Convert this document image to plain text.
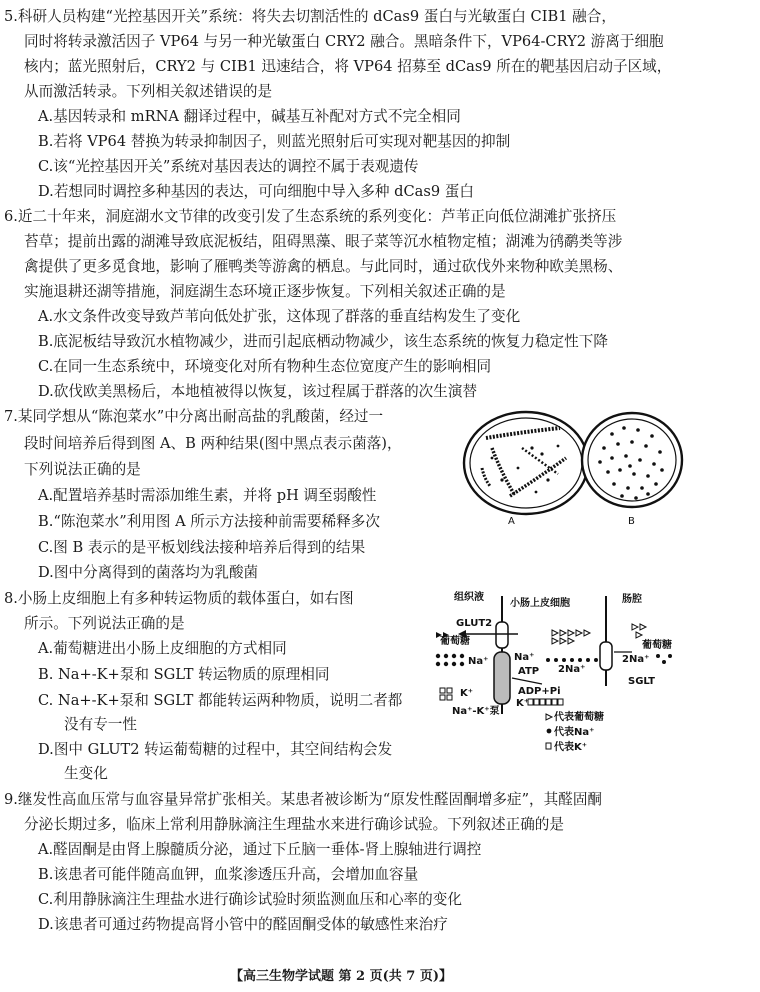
5.科研人员构建“光控基因开关”系统：将失去切割活性的 dCas9 蛋白与光敏蛋白 CIB1 融合，
同时将转录激活因子 VP64 与另一种光敏蛋白 CRY2 融合。黑暗条件下，VP64-CRY2 游离于细胞
核内；蓝光照射后，CRY2 与 CIB1 迅速结合，将 VP64 招募至 dCas9 所在的靶基因启动子区域，
从而激活转录。下列相关叙述错误的是
A.基因转录和 mRNA 翻译过程中，碱基互补配对方式不完全相同
B.若将 VP64 替换为转录抑制因子，则蓝光照射后可实现对靶基因的抑制
C.该“光控基因开关”系统对基因表达的调控不属于表观遗传
D.若想同时调控多种基因的表达，可向细胞中导入多种 dCas9 蛋白
6.近二十年来，洞庭湖水文节律的改变引发了生态系统的系列变化：芦苇正向低位湖滩扩张挤压
苔草；提前出露的湖滩导致底泥板结，阻碍黑藻、眼子菜等沉水植物定植；湖滩为鸻鹬类等涉
禽提供了更多觅食地，影响了雁鸭类等游禽的栖息。与此同时，通过砍伐外来物种欧美黑杨、
实施退耕还湖等措施，洞庭湖生态环境正逐步恢复。下列相关叙述正确的是
A.水文条件改变导致芦苇向低处扩张，这体现了群落的垂直结构发生了变化
B.底泥板结导致沉水植物减少，进而引起底栖动物减少，该生态系统的恢复力稳定性下降
C.在同一生态系统中，环境变化对所有物种生态位宽度产生的影响相同
D.砍伐欧美黑杨后，本地植被得以恢复，该过程属于群落的次生演替
7.某同学想从“陈泡菜水”中分离出耐高盐的乳酸菌，经过一
段时间培养后得到图 A、B 两种结果(图中黑点表示菌落)，
下列说法正确的是
A.配置培养基时需添加维生素，并将 pH 调至弱酸性
B.“陈泡菜水”利用图 A 所示方法接种前需要稀释多次
C.图 B 表示的是平板划线法接种培养后得到的结果
D.图中分离得到的菌落均为乳酸菌
A	B
8.小肠上皮细胞上有多种转运物质的载体蛋白，如右图
所示。下列说法正确的是
A.葡萄糖进出小肠上皮细胞的方式相同
B. Na+-K+泵和 SGLT 转运物质的原理相同
C. Na+-K+泵和 SGLT 都能转运两种物质，说明二者都
没有专一性
D.图中 GLUT2 转运葡萄糖的过程中，其空间结构会发
生变化
组织液
小肠上皮细胞	肠腔
GLUT2
葡萄糖	葡萄糖
Na⁺	Na⁺
ATP
ADP+Pi
K⁺
K⁺
Na⁺-K⁺泵
2Na⁺
2Na⁺
SGLT
代表葡萄糖
代表Na⁺
代表K⁺
9.继发性高血压常与血容量异常扩张相关。某患者被诊断为“原发性醛固酮增多症”，其醛固酮
分泌长期过多，临床上常利用静脉滴注生理盐水来进行确诊试验。下列叙述正确的是
A.醛固酮是由肾上腺髓质分泌，通过下丘脑一垂体-肾上腺轴进行调控
B.该患者可能伴随高血钾，血浆渗透压升高，会增加血容量
C.利用静脉滴注生理盐水进行确诊试验时须监测血压和心率的变化
D.该患者可通过药物提高肾小管中的醛固酮受体的敏感性来治疗
【高三生物学试题 第 2 页(共 7 页)】
